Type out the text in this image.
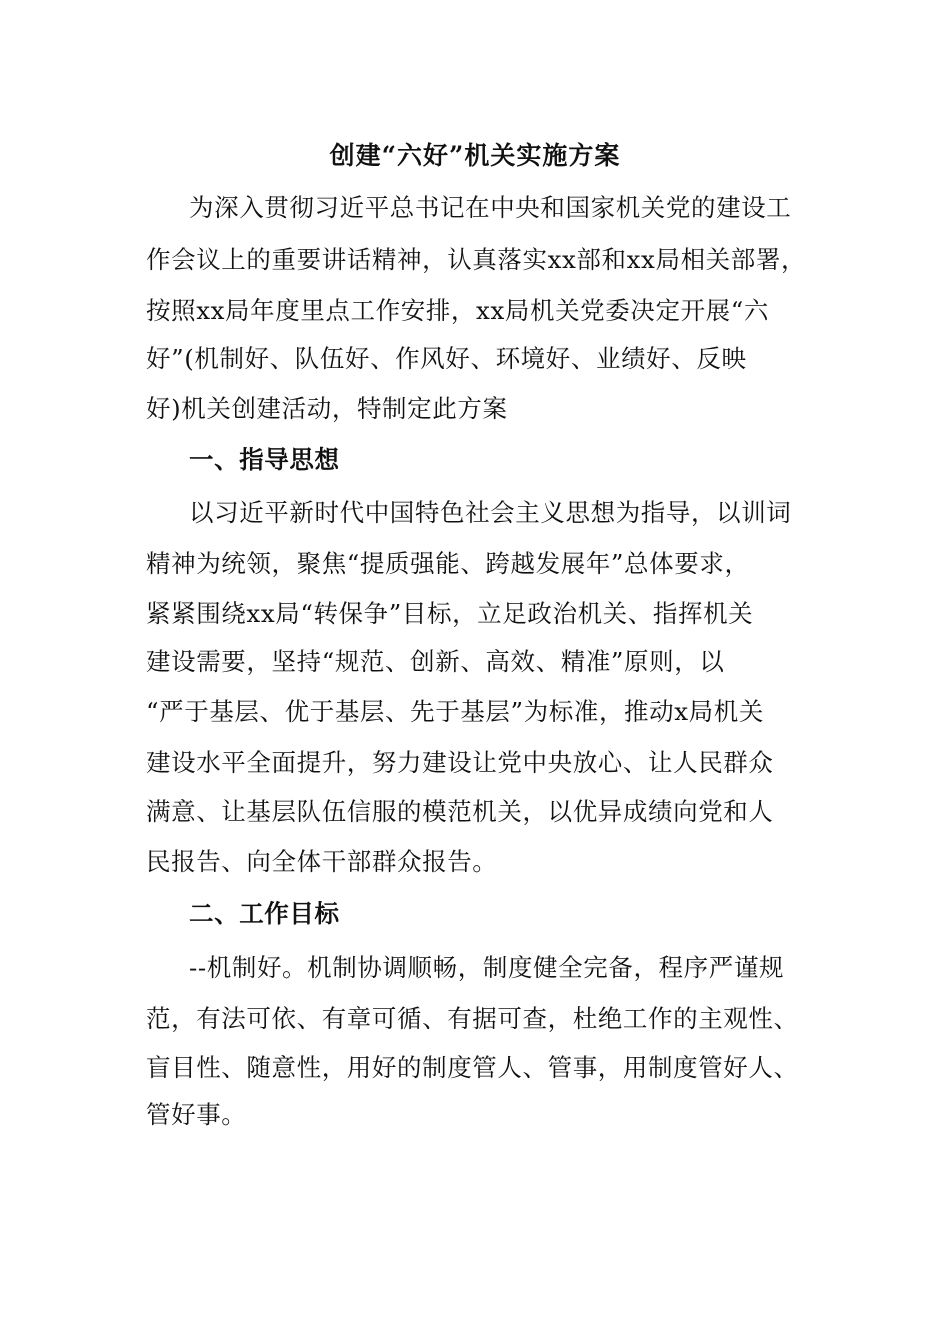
创建“六好”机关实施方案
为深入贯彻习近平总书记在中央和国家机关党的建设工
作会议上的重要讲话精神，认真落实xx部和xx局相关部署，
按照xx局年度里点工作安排，xx局机关党委决定开展“六
好”(机制好、队伍好、作风好、环境好、业绩好、反映
好)机关创建活动，特制定此方案
一、指导思想
以习近平新时代中国特色社会主义思想为指导，以训词
精神为统领，聚焦“提质强能、跨越发展年”总体要求，
紧紧围绕xx局“转保争”目标，立足政治机关、指挥机关
建设需要，坚持“规范、创新、高效、精准”原则，以
“严于基层、优于基层、先于基层”为标准，推动x局机关
建设水平全面提升，努力建设让党中央放心、让人民群众
满意、让基层队伍信服的模范机关，以优异成绩向党和人
民报告、向全体干部群众报告。
二、工作目标
--机制好。机制协调顺畅，制度健全完备，程序严谨规
范，有法可依、有章可循、有据可查，杜绝工作的主观性、
盲目性、随意性，用好的制度管人、管事，用制度管好人、
管好事。
